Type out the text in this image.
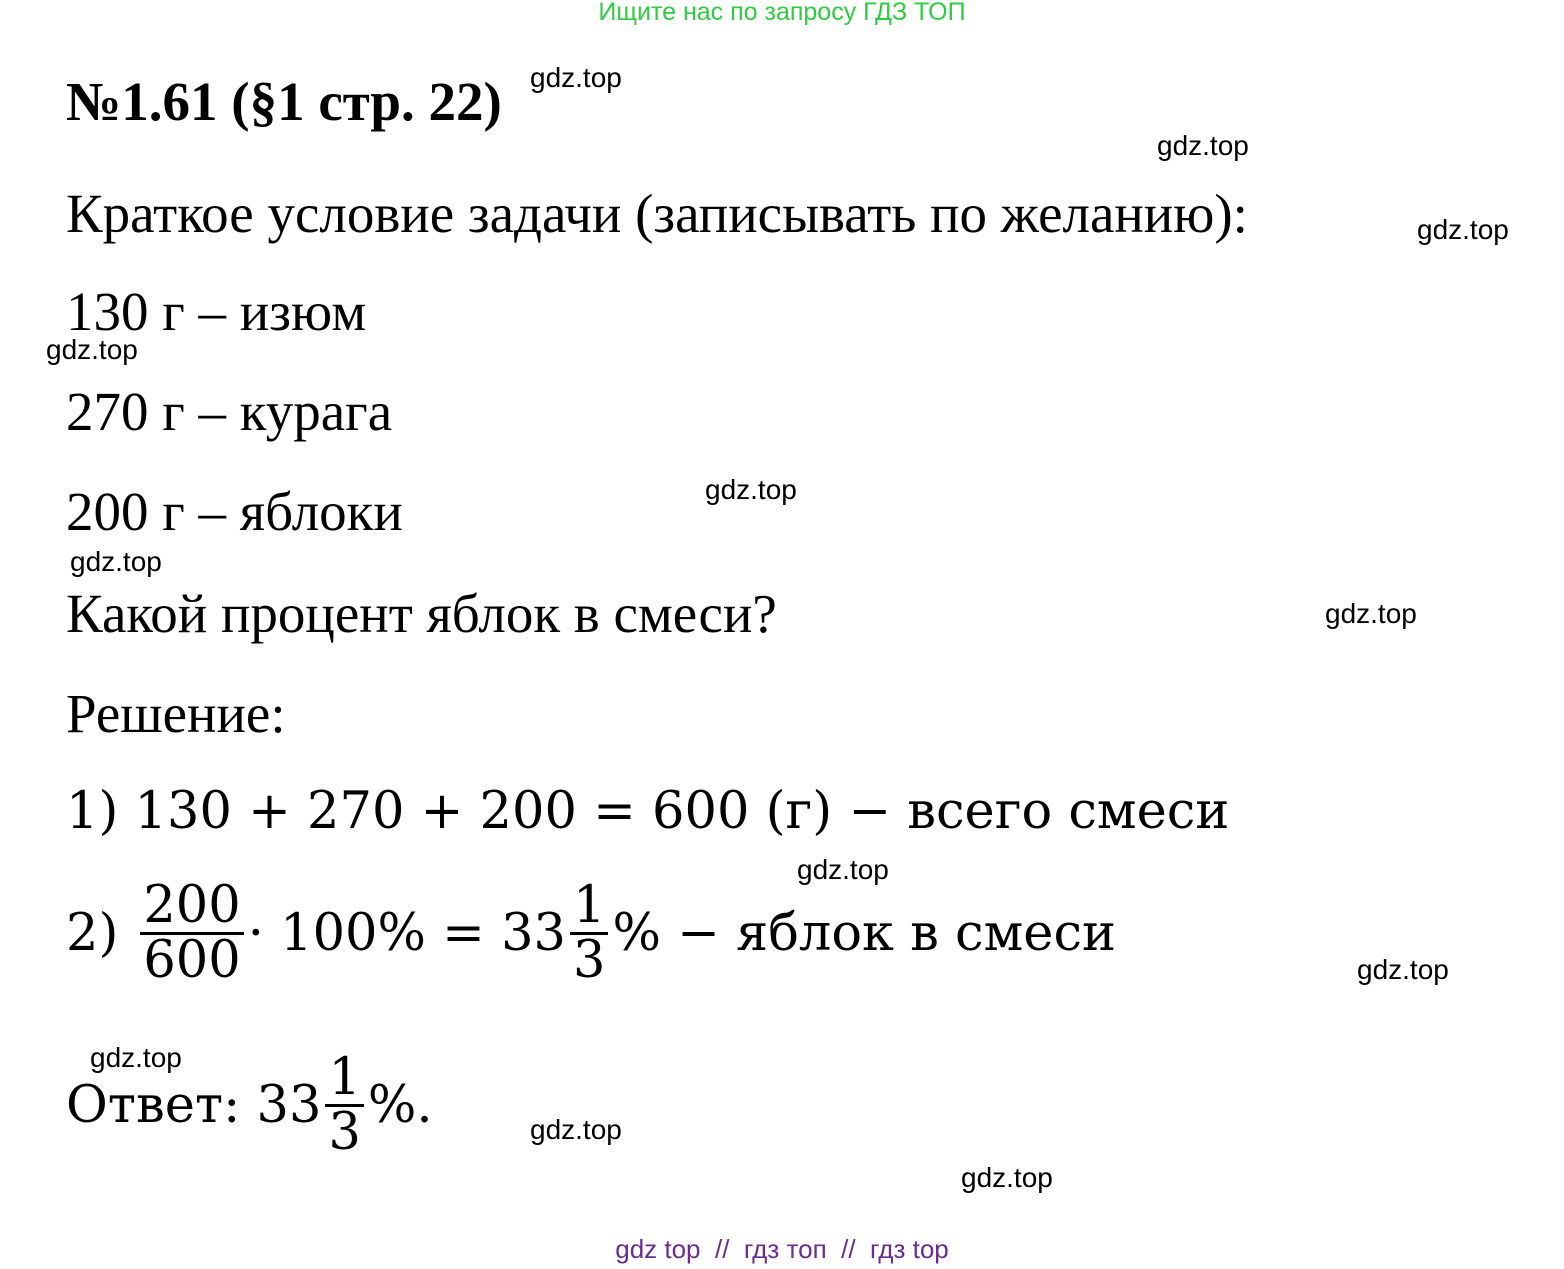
Ищите нас по запросу ГДЗ ТОП
№1.61 (§1 стр. 22)
Краткое условие задачи (записывать по желанию):
130 г – изюм
270 г – курага
200 г – яблоки
Какой процент яблок в смеси?
Решение:
1) 130 + 270 + 200 = 600 (г) − всего смеси
$2) \frac{200}{600} \cdot 100\% = 33 \frac{1}{3}$ % − яблок в смеси
Ответ: $33 \frac{1}{3}$ %.
gdz.top
gdz.top
gdz.top
gdz.top
gdz.top
gdz.top
gdz.top
gdz.top
gdz.top
gdz.top
gdz.top
gdz.top
gdz top  //  гдз топ  //  гдз top
